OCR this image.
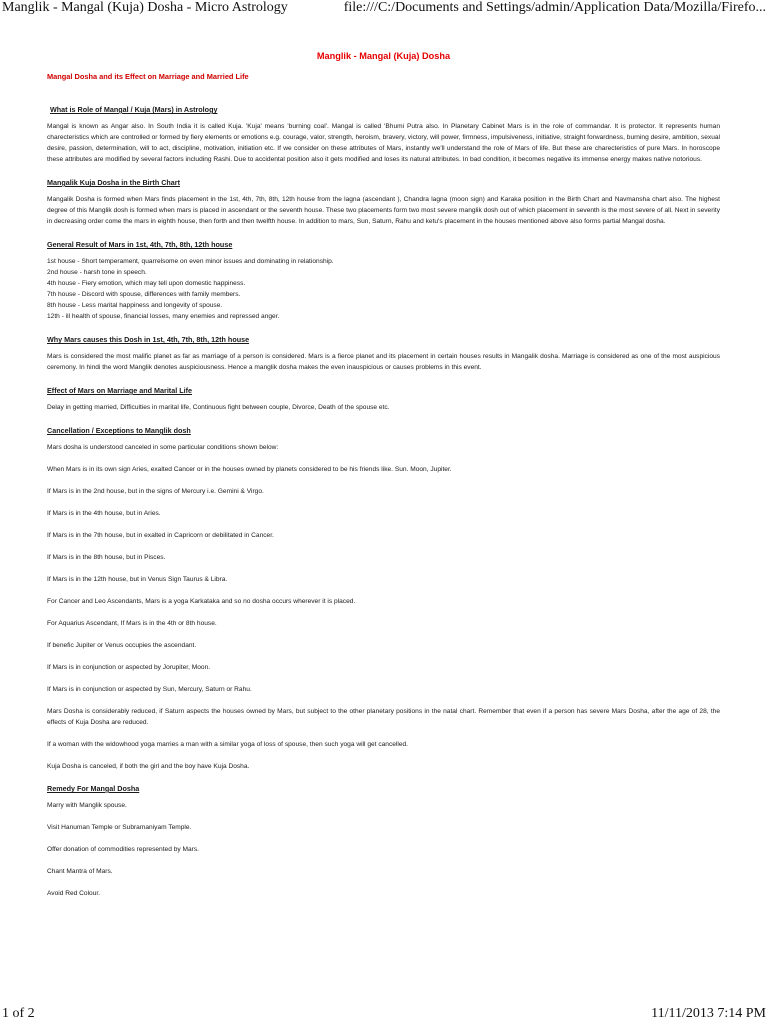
Manglik - Mangal (Kuja) Dosha - Micro Astrology	file:///C:/Documents and Settings/admin/Application Data/Mozilla/Firefo...
Manglik - Mangal (Kuja) Dosha
Mangal Dosha and its Effect on Marriage and Married Life
What is Role of Mangal / Kuja (Mars) in Astrology

Mangal is known as Angar also. In South India it is called Kuja. 'Kuja' means 'burning coal'. Mangal is called 'Bhumi Putra also. In Planetary Cabinet Mars is in the role of commandar. It is protector. It represents human charecteristics which are controlled or formed by fiery elements or emotions e.g. courage, valor, strength, heroism, bravery, victory, will power, firmness, impulsiveness, initiative, straight forwardness, burning desire, ambition, sexual desire, passion, determination, will to act, discipline, motivation, initiation etc. If we consider on these attributes of Mars, instantly we'll understand the role of Mars of life. But these are charecteristics of pure Mars. In horoscope these attributes are modified by several factors including Rashi. Due to accidental position also it gets modified and loses its natural attributes. In bad condition, it becomes negative its immense energy makes native notorious.

Mangalik Kuja Dosha in the Birth Chart

Mangalik Dosha is formed when Mars finds placement in the 1st, 4th, 7th, 8th, 12th house from the lagna (ascendant ), Chandra lagna (moon sign) and Karaka position in the Birth Chart and Navmansha chart also. The highest degree of this Manglik dosh is formed when mars is placed in ascendant or the seventh house. These two placements form two most severe manglik dosh out of which placement in seventh is the most severe of all. Next in severity in decreasing order come the mars in eighth house, then forth and then twelfth house. In addition to mars, Sun, Saturn, Rahu and ketu's placement in the houses mentioned above also forms partial Mangal dosha.

General Result of Mars in 1st, 4th, 7th, 8th, 12th house
1st house - Short temperament, quarrelsome on even minor issues and dominating in relationship.
2nd house - harsh tone in speech.
4th house - Fiery emotion, which may tell upon domestic happiness.
7th house - Discord with spouse, differences with family members.
8th house - Less marital happiness and longevity of spouse.
12th - ill health of spouse, financial losses, many enemies and repressed anger.
Why Mars causes this Dosh in 1st, 4th, 7th, 8th, 12th house

Mars is considered the most malific planet as far as marriage of a person is considered. Mars is a fierce planet and its placement in certain houses results in Mangalik dosha. Marriage is considered as one of the most auspicious ceremony. In hindi the word Manglik denotes auspiciousness. Hence a manglik dosha makes the even inauspicious or causes problems in this event.

Effect of Mars on Marriage and Marital Life

Delay in getting married, Difficulties in marital life, Continuous fight between couple, Divorce, Death of the spouse etc.

Cancellation / Exceptions to Manglik dosh

Mars dosha is understood canceled in some particular conditions shown below:

When Mars is in its own sign Aries, exalted Cancer or in the houses owned by planets considered to be his friends like. Sun. Moon, Jupiter.

If Mars is in the 2nd house, but in the signs of Mercury i.e. Gemini & Virgo.

If Mars is in the 4th house, but in Aries.

If Mars is in the 7th house, but in exalted in Capricorn or debilitated in Cancer.

If Mars is in the 8th house, but in Pisces.

If Mars is in the 12th house, but in Venus Sign Taurus & Libra.

For Cancer and Leo Ascendants, Mars is a yoga Karkataka and so no dosha occurs wherever it is placed.

For Aquarius Ascendant, If Mars is in the 4th or 8th house.

If benefic Jupiter or Venus occupies the ascendant.

If Mars is in conjunction or aspected by Jorupiter, Moon.

If Mars is in conjunction or aspected by Sun, Mercury, Saturn or Rahu.

Mars Dosha is considerably reduced, if Saturn aspects the houses owned by Mars, but subject to the other planetary positions in the natal chart. Remember that even if a person has severe Mars Dosha, after the age of 28, the effects of Kuja Dosha are reduced.

If a woman with the widowhood yoga marries a man with a similar yoga of loss of spouse, then such yoga will get cancelled.

Kuja Dosha is canceled, if both the girl and the boy have Kuja Dosha.

Remedy For Mangal Dosha

Marry with Manglik spouse.

Visit Hanuman Temple or Subramaniyam Temple.

Offer donation of commodities represented by Mars.

Chant Mantra of Mars.

Avoid Red Colour.

1 of 2	11/11/2013 7:14 PM
